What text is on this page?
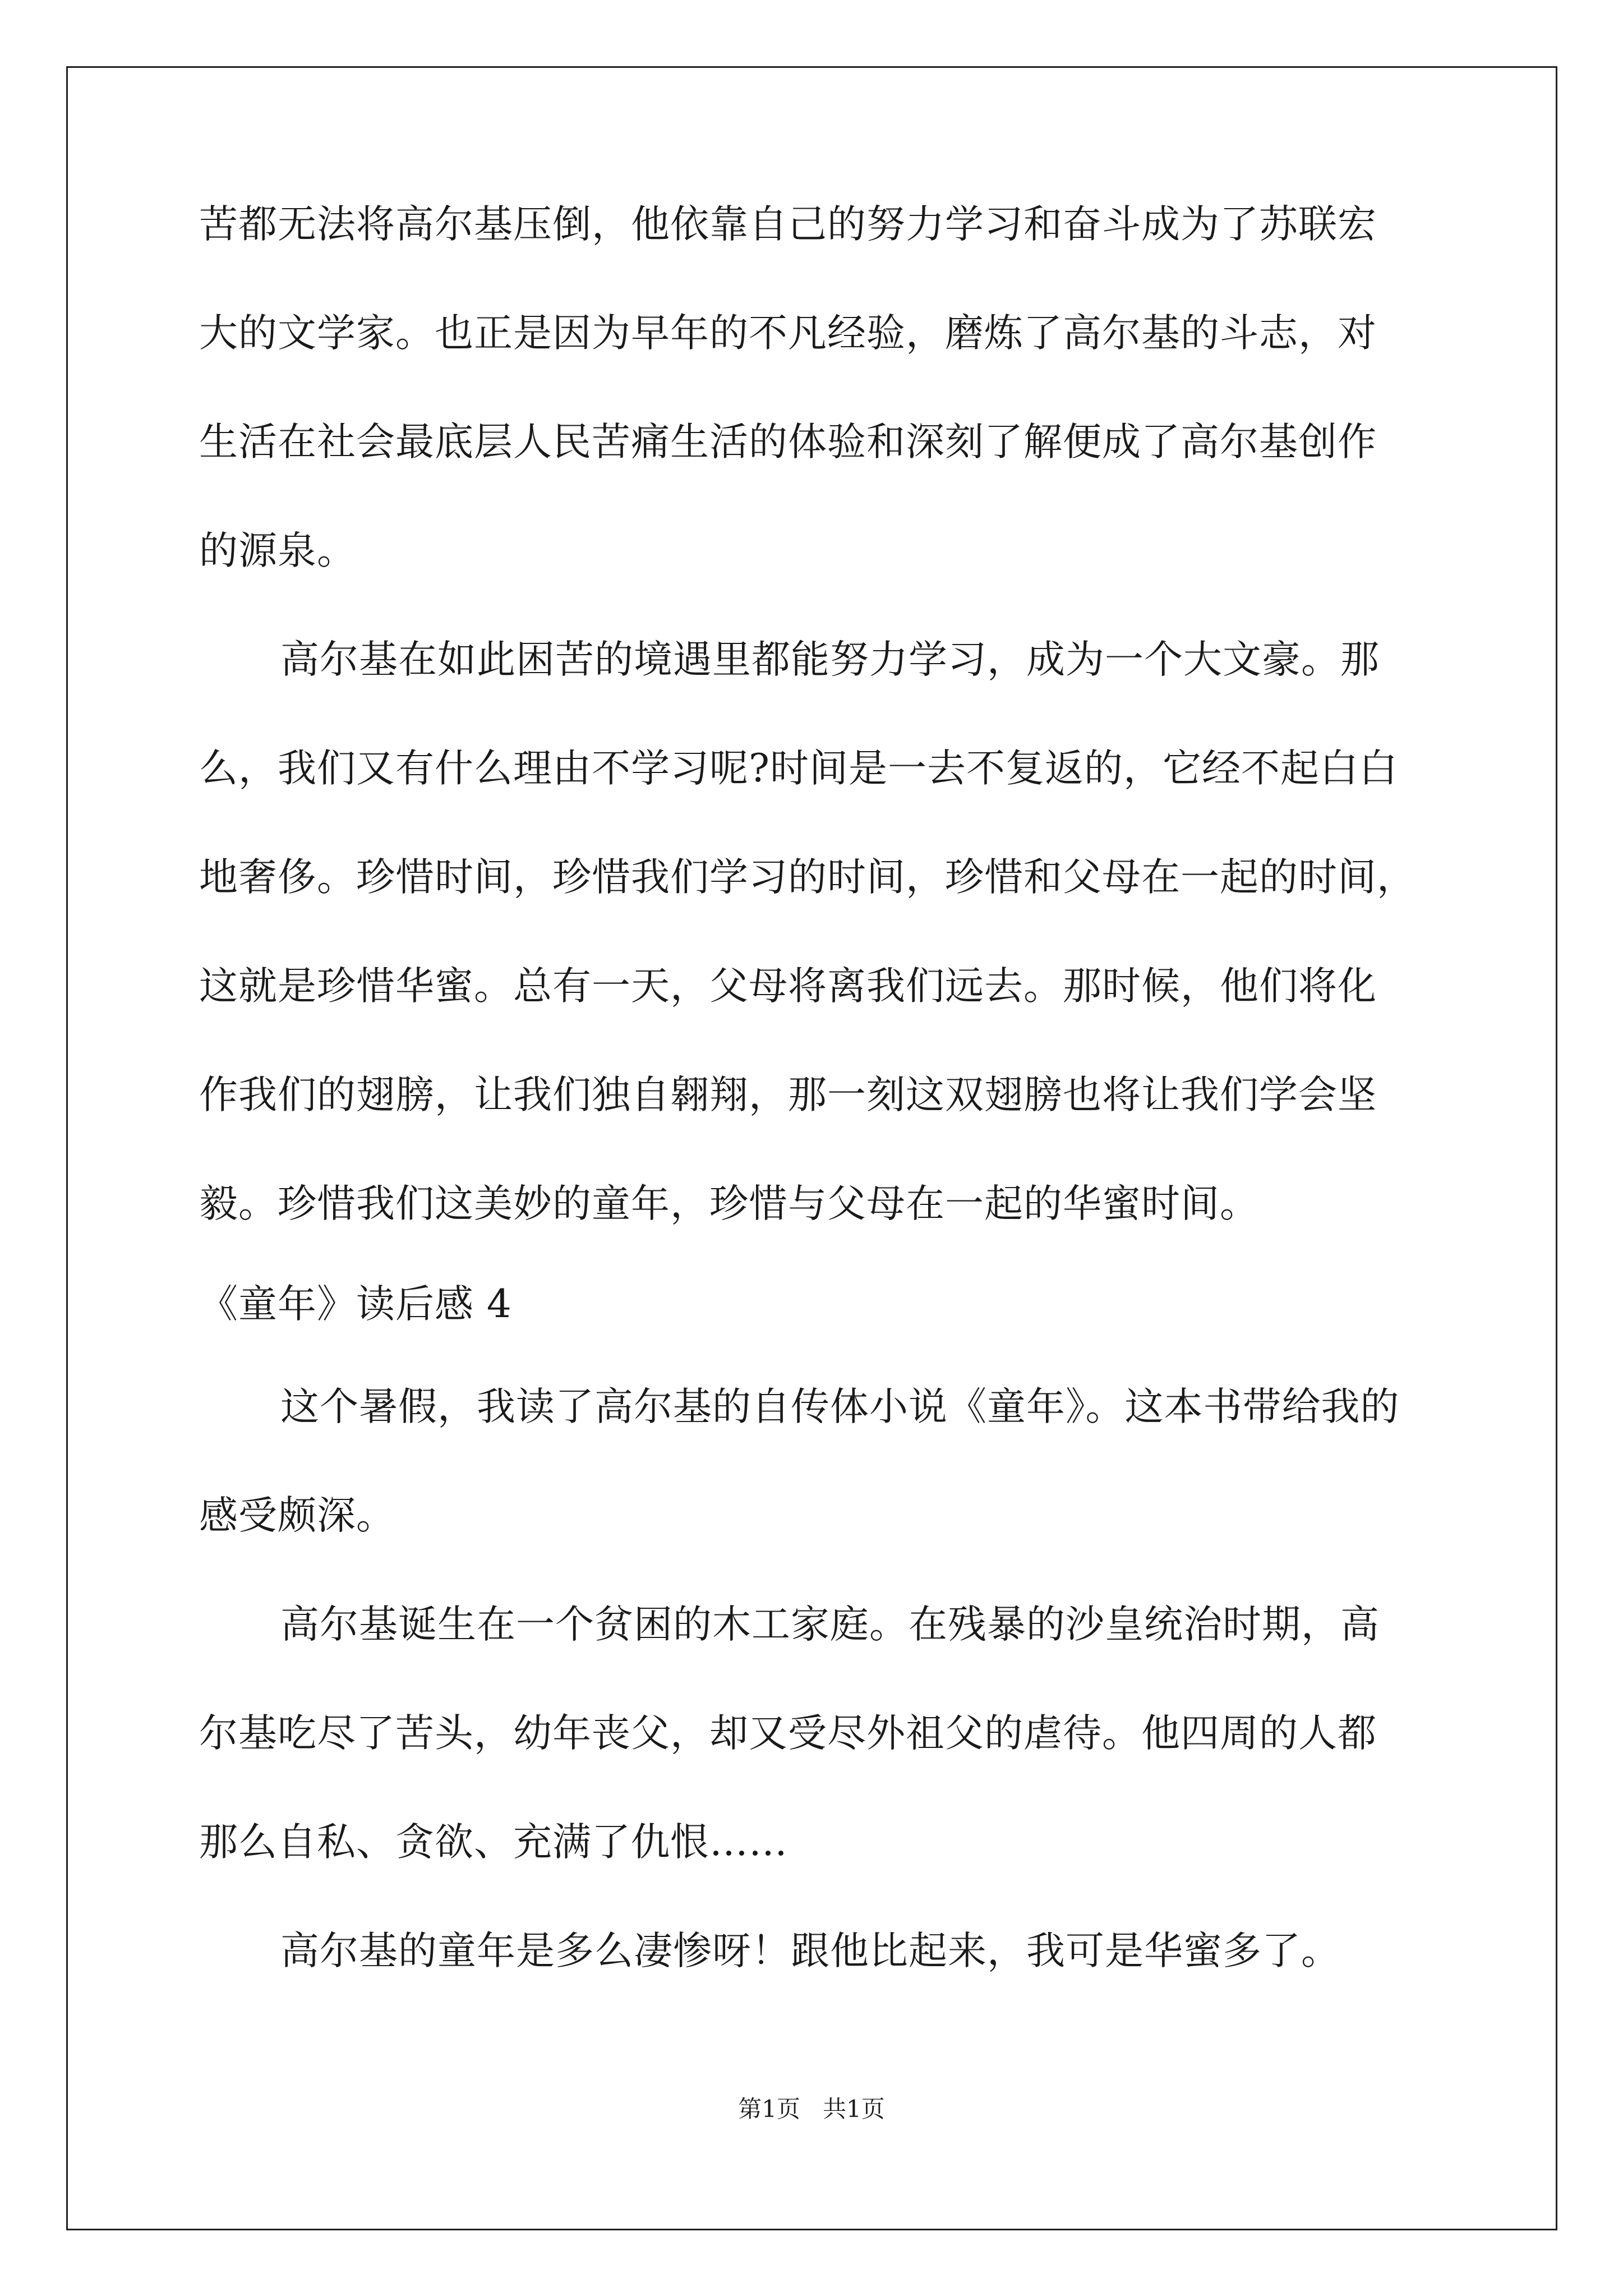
苦都无法将高尔基压倒，他依靠自己的努力学习和奋斗成为了苏联宏

大的文学家。也正是因为早年的不凡经验，磨炼了高尔基的斗志，对

生活在社会最底层人民苦痛生活的体验和深刻了解便成了高尔基创作

的源泉。

高尔基在如此困苦的境遇里都能努力学习，成为一个大文豪。那

么，我们又有什么理由不学习呢?时间是一去不复返的，它经不起白白

地奢侈。珍惜时间，珍惜我们学习的时间，珍惜和父母在一起的时间，

这就是珍惜华蜜。总有一天，父母将离我们远去。那时候，他们将化

作我们的翅膀，让我们独自翱翔，那一刻这双翅膀也将让我们学会坚

毅。珍惜我们这美妙的童年，珍惜与父母在一起的华蜜时间。

《童年》读后感 4

这个暑假，我读了高尔基的自传体小说《童年》。这本书带给我的

感受颇深。

高尔基诞生在一个贫困的木工家庭。在残暴的沙皇统治时期，高

尔基吃尽了苦头，幼年丧父，却又受尽外祖父的虐待。他四周的人都

那么自私、贪欲、充满了仇恨……

高尔基的童年是多么凄惨呀！跟他比起来，我可是华蜜多了。

第1页   共1页
